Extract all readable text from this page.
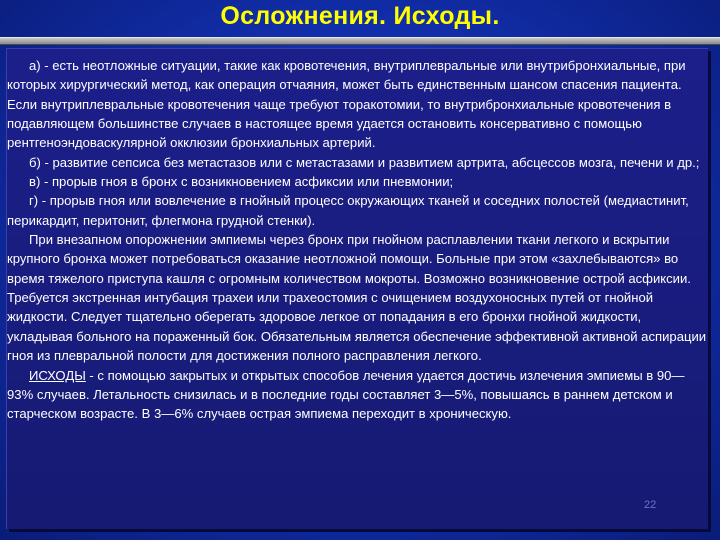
Осложнения. Исходы.

а) - есть неотложные ситуации, такие как кровотечения, внутриплевральные или внутрибронхиальные, при которых хирургический метод, как операция отчаяния, может быть единственным шансом спасения пациента. Если внутриплевральные кровотечения чаще требуют торакотомии, то внутрибронхиальные кровотечения в подавляющем большинстве случаев в настоящее время удается остановить консервативно с помощью рентгеноэндоваскулярной окклюзии бронхиальных артерий.

б) - развитие сепсиса без метастазов или с метастазами и развитием артрита, абсцессов мозга, печени и др.;

в) - прорыв гноя в бронх с возникновением асфиксии или пневмонии;

г) - прорыв гноя или вовлечение в гнойный процесс окружающих тканей и соседних полостей (медиастинит, перикардит, перитонит, флегмона грудной стенки).

При внезапном опорожнении эмпиемы через бронх при гнойном расплавлении ткани легкого и вскрытии крупного бронха может потребоваться оказание неотложной помощи. Больные при этом «захлебываются» во время тяжелого приступа кашля с огромным количеством мокроты. Возможно возникновение острой асфиксии. Требуется экстренная интубация трахеи или трахеостомия с очищением воздухоносных путей от гнойной жидкости. Следует тщательно оберегать здоровое легкое от попадания в его бронхи гнойной жидкости, укладывая больного на пораженный бок. Обязательным является обеспечение эффективной активной аспирации гноя из плевральной полости для достижения полного расправления легкого.

ИСХОДЫ - с помощью закрытых и открытых способов лечения удается достичь излечения эмпиемы в 90—93% случаев. Летальность снизилась и в последние годы составляет 3—5%, повышаясь в раннем детском и старческом возрасте. В 3—6% случаев острая эмпиема переходит в хроническую.

22
